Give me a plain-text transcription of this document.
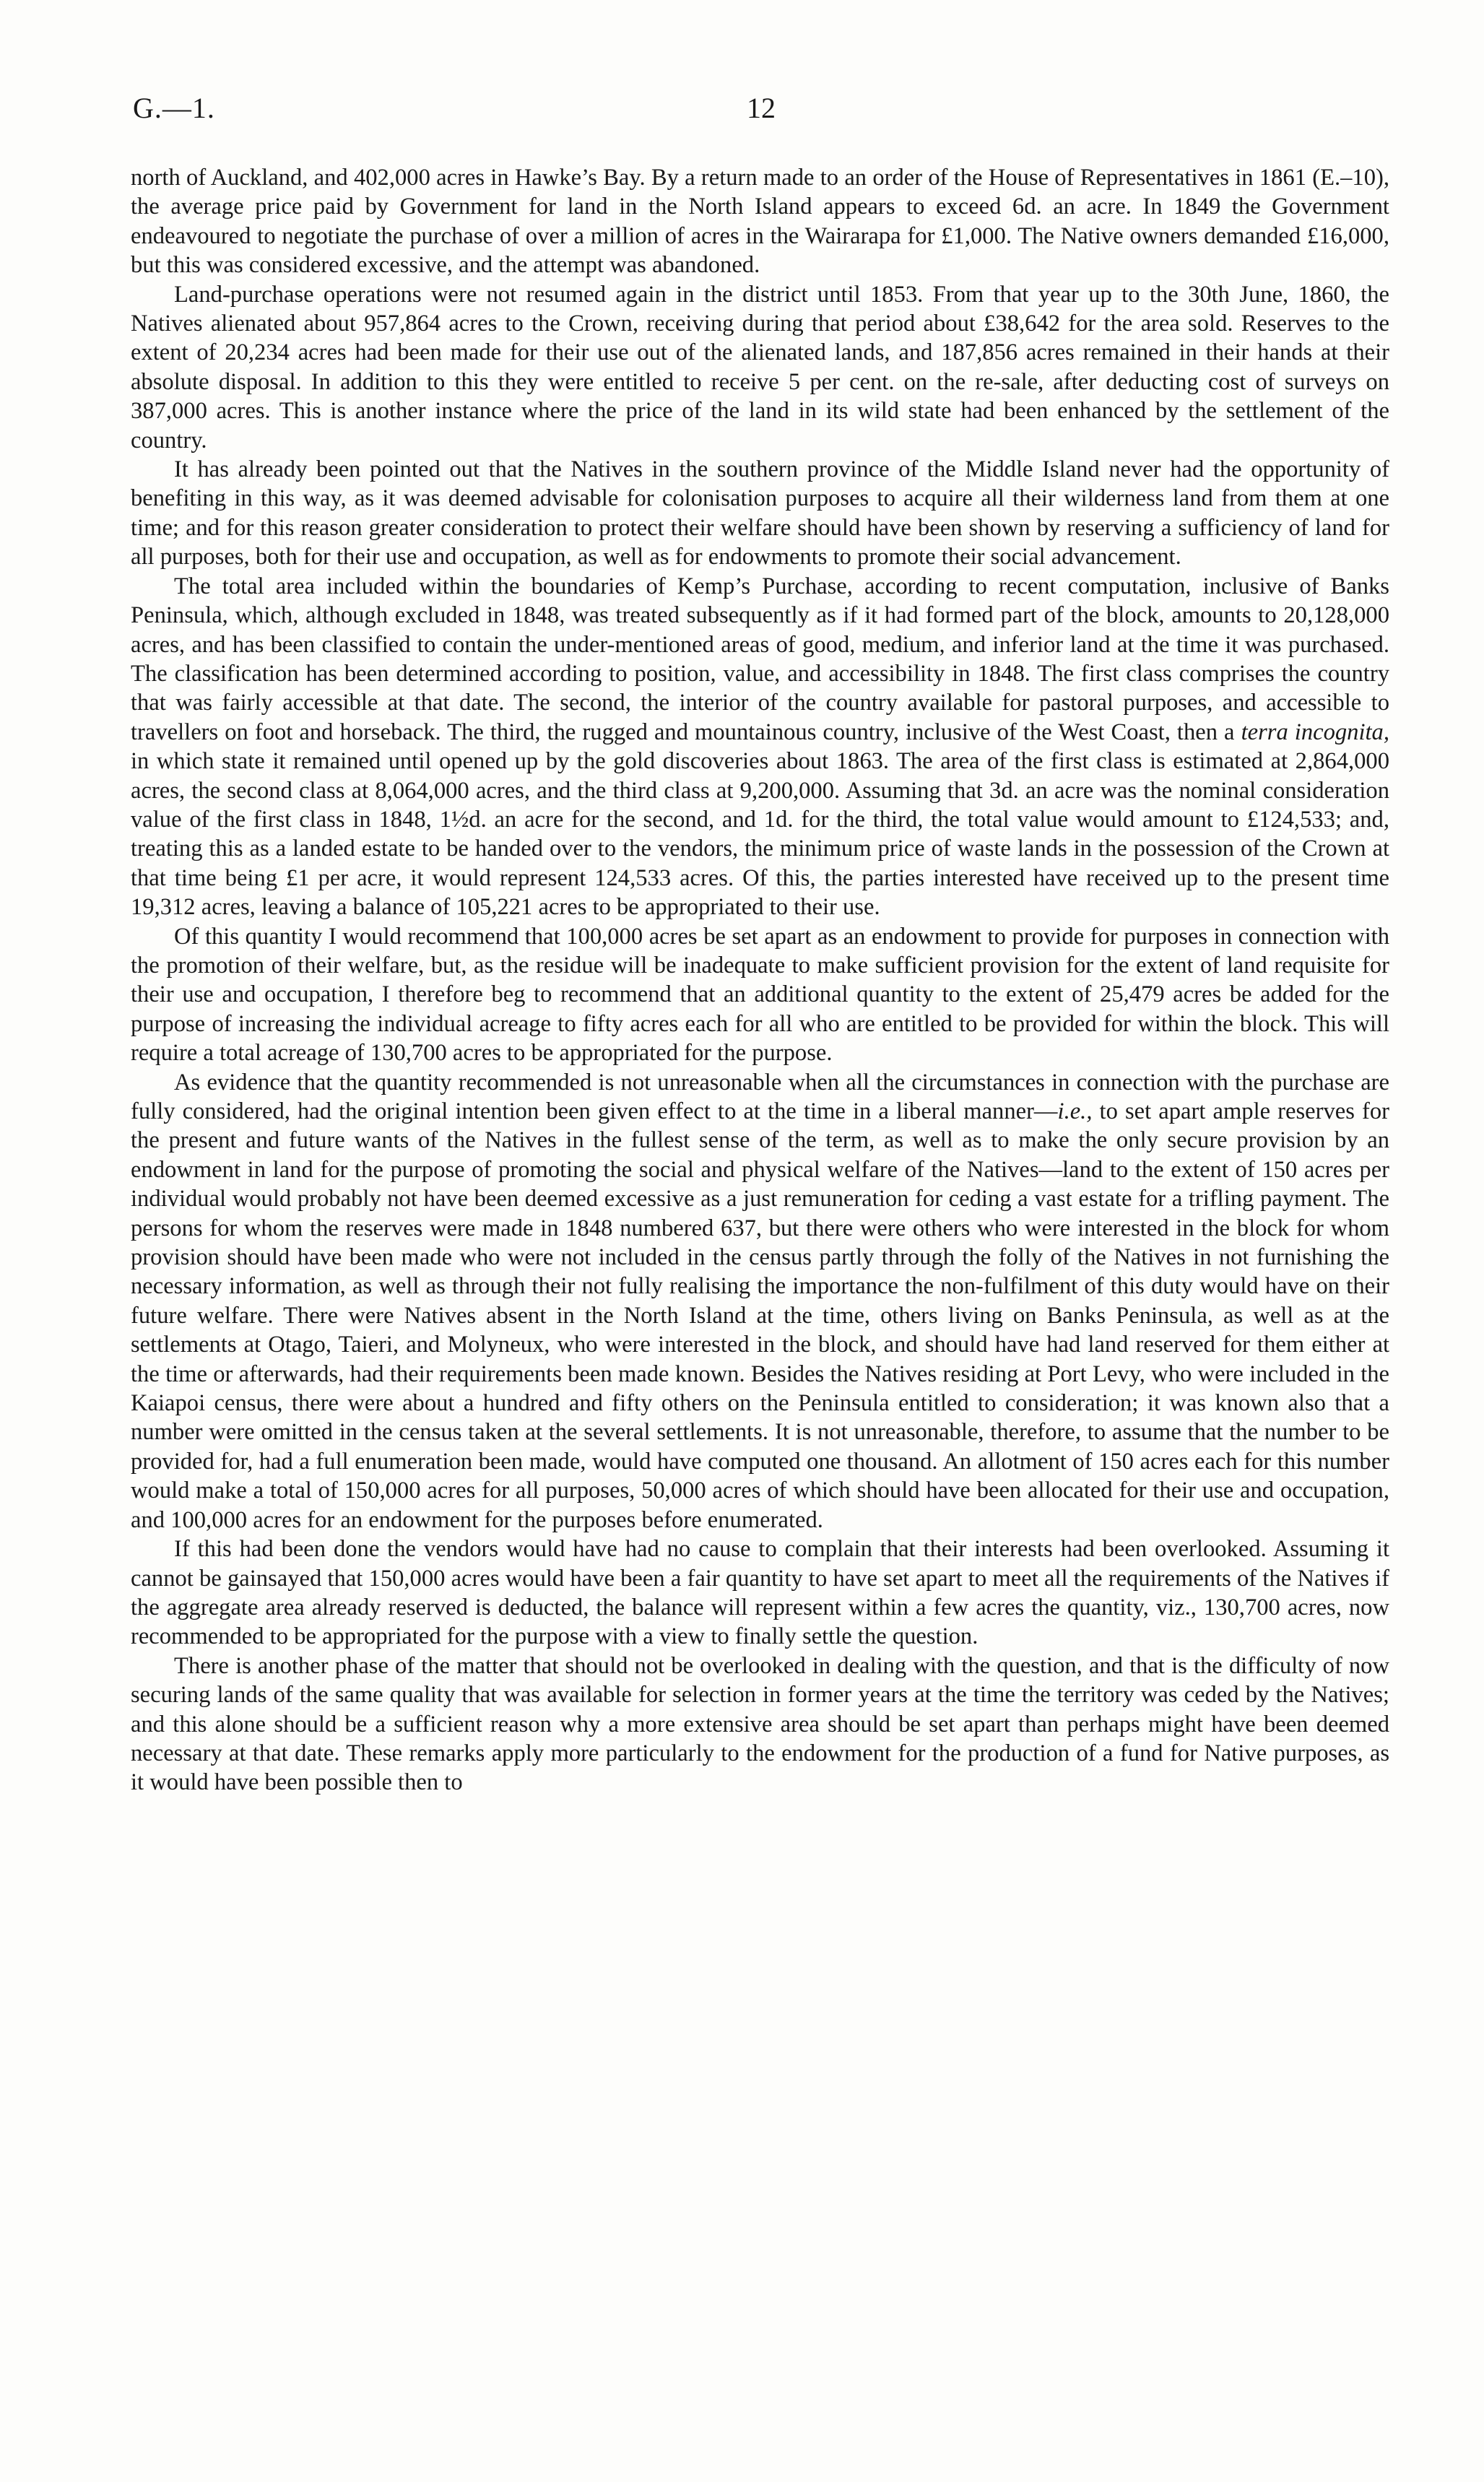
G.—1.	12

north of Auckland, and 402,000 acres in Hawke’s Bay. By a return made to an order of the House of Representatives in 1861 (E.–10), the average price paid by Government for land in the North Island appears to exceed 6d. an acre. In 1849 the Government endeavoured to negotiate the purchase of over a million of acres in the Wairarapa for £1,000. The Native owners demanded £16,000, but this was considered excessive, and the attempt was abandoned.

Land-purchase operations were not resumed again in the district until 1853. From that year up to the 30th June, 1860, the Natives alienated about 957,864 acres to the Crown, receiving during that period about £38,642 for the area sold. Reserves to the extent of 20,234 acres had been made for their use out of the alienated lands, and 187,856 acres remained in their hands at their absolute disposal. In addition to this they were entitled to receive 5 per cent. on the re-sale, after deducting cost of surveys on 387,000 acres. This is another instance where the price of the land in its wild state had been enhanced by the settlement of the country.

It has already been pointed out that the Natives in the southern province of the Middle Island never had the opportunity of benefiting in this way, as it was deemed advisable for colonisation purposes to acquire all their wilderness land from them at one time; and for this reason greater consideration to protect their welfare should have been shown by reserving a sufficiency of land for all purposes, both for their use and occupation, as well as for endowments to promote their social advancement.

The total area included within the boundaries of Kemp’s Purchase, according to recent computation, inclusive of Banks Peninsula, which, although excluded in 1848, was treated subsequently as if it had formed part of the block, amounts to 20,128,000 acres, and has been classified to contain the under-mentioned areas of good, medium, and inferior land at the time it was purchased. The classification has been determined according to position, value, and accessibility in 1848. The first class comprises the country that was fairly accessible at that date. The second, the interior of the country available for pastoral purposes, and accessible to travellers on foot and horseback. The third, the rugged and mountainous country, inclusive of the West Coast, then a terra incognita, in which state it remained until opened up by the gold discoveries about 1863. The area of the first class is estimated at 2,864,000 acres, the second class at 8,064,000 acres, and the third class at 9,200,000. Assuming that 3d. an acre was the nominal consideration value of the first class in 1848, 1½d. an acre for the second, and 1d. for the third, the total value would amount to £124,533; and, treating this as a landed estate to be handed over to the vendors, the minimum price of waste lands in the possession of the Crown at that time being £1 per acre, it would represent 124,533 acres. Of this, the parties interested have received up to the present time 19,312 acres, leaving a balance of 105,221 acres to be appropriated to their use.

Of this quantity I would recommend that 100,000 acres be set apart as an endowment to provide for purposes in connection with the promotion of their welfare, but, as the residue will be inadequate to make sufficient provision for the extent of land requisite for their use and occupation, I therefore beg to recommend that an additional quantity to the extent of 25,479 acres be added for the purpose of increasing the individual acreage to fifty acres each for all who are entitled to be provided for within the block. This will require a total acreage of 130,700 acres to be appropriated for the purpose.

As evidence that the quantity recommended is not unreasonable when all the circumstances in connection with the purchase are fully considered, had the original intention been given effect to at the time in a liberal manner—i.e., to set apart ample reserves for the present and future wants of the Natives in the fullest sense of the term, as well as to make the only secure provision by an endowment in land for the purpose of promoting the social and physical welfare of the Natives—land to the extent of 150 acres per individual would probably not have been deemed excessive as a just remuneration for ceding a vast estate for a trifling payment. The persons for whom the reserves were made in 1848 numbered 637, but there were others who were interested in the block for whom provision should have been made who were not included in the census partly through the folly of the Natives in not furnishing the necessary information, as well as through their not fully realising the importance the non-fulfilment of this duty would have on their future welfare. There were Natives absent in the North Island at the time, others living on Banks Peninsula, as well as at the settlements at Otago, Taieri, and Molyneux, who were interested in the block, and should have had land reserved for them either at the time or afterwards, had their requirements been made known. Besides the Natives residing at Port Levy, who were included in the Kaiapoi census, there were about a hundred and fifty others on the Peninsula entitled to consideration; it was known also that a number were omitted in the census taken at the several settlements. It is not unreasonable, therefore, to assume that the number to be provided for, had a full enumeration been made, would have computed one thousand. An allotment of 150 acres each for this number would make a total of 150,000 acres for all purposes, 50,000 acres of which should have been allocated for their use and occupation, and 100,000 acres for an endowment for the purposes before enumerated.

If this had been done the vendors would have had no cause to complain that their interests had been overlooked. Assuming it cannot be gainsayed that 150,000 acres would have been a fair quantity to have set apart to meet all the requirements of the Natives if the aggregate area already reserved is deducted, the balance will represent within a few acres the quantity, viz., 130,700 acres, now recommended to be appropriated for the purpose with a view to finally settle the question.

There is another phase of the matter that should not be overlooked in dealing with the question, and that is the difficulty of now securing lands of the same quality that was available for selection in former years at the time the territory was ceded by the Natives; and this alone should be a sufficient reason why a more extensive area should be set apart than perhaps might have been deemed necessary at that date. These remarks apply more particularly to the endowment for the production of a fund for Native purposes, as it would have been possible then to
